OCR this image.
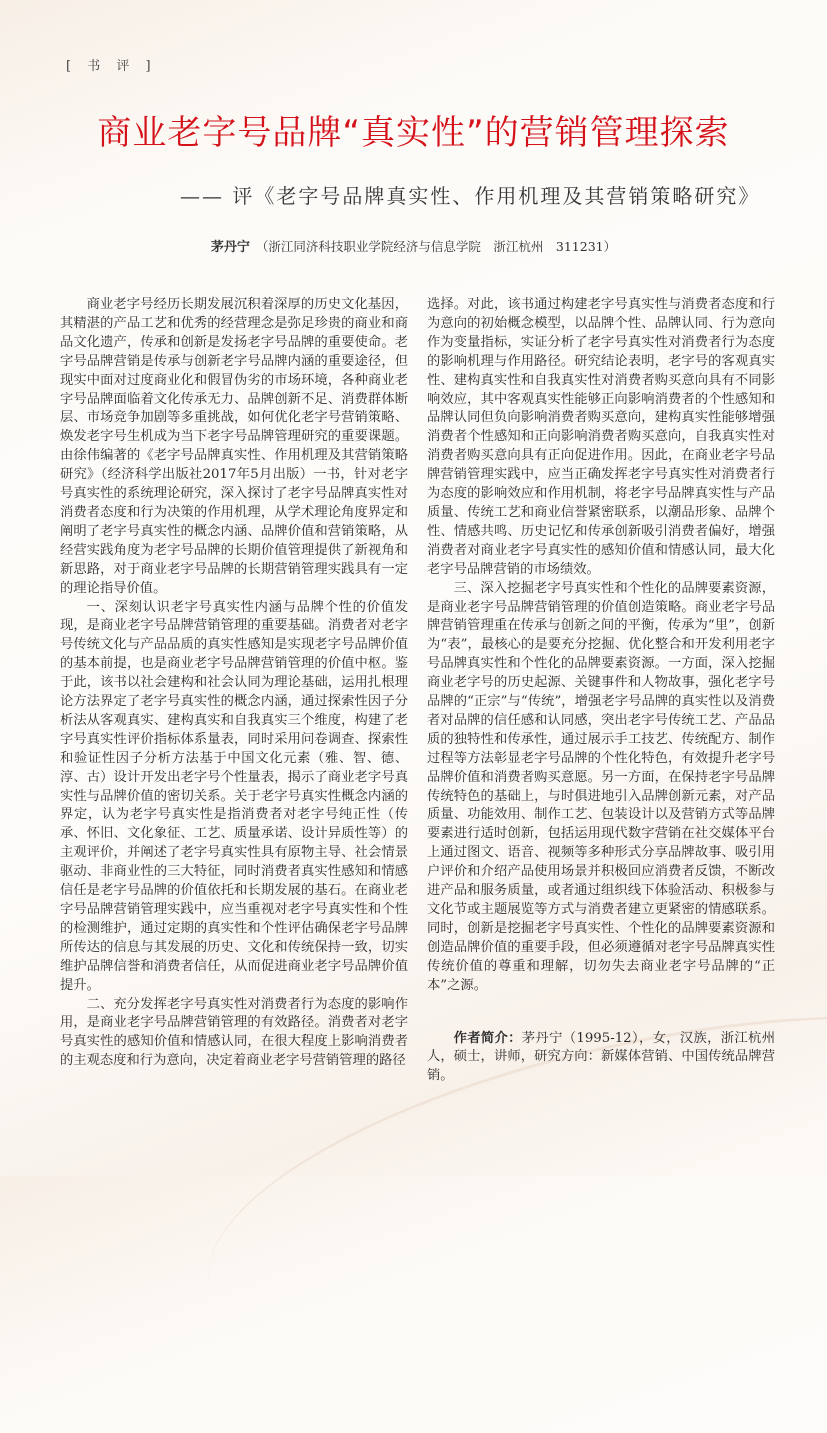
[ 书 评 ]
商业老字号品牌“真实性”的营销管理探索
—— 评《老字号品牌真实性、作用机理及其营销策略研究》
茅丹宁 （浙江同济科技职业学院经济与信息学院　浙江杭州　311231）

商业老字号经历长期发展沉积着深厚的历史文化基因，其精湛的产品工艺和优秀的经营理念是弥足珍贵的商业和商品文化遗产，传承和创新是发扬老字号品牌的重要使命。老字号品牌营销是传承与创新老字号品牌内涵的重要途径，但现实中面对过度商业化和假冒伪劣的市场环境，各种商业老字号品牌面临着文化传承无力、品牌创新不足、消费群体断层、市场竞争加剧等多重挑战，如何优化老字号营销策略、焕发老字号生机成为当下老字号品牌管理研究的重要课题。由徐伟编著的《老字号品牌真实性、作用机理及其营销策略研究》（经济科学出版社2017年5月出版）一书，针对老字号真实性的系统理论研究，深入探讨了老字号品牌真实性对消费者态度和行为决策的作用机理，从学术理论角度界定和阐明了老字号真实性的概念内涵、品牌价值和营销策略，从经营实践角度为老字号品牌的长期价值管理提供了新视角和新思路，对于商业老字号品牌的长期营销管理实践具有一定的理论指导价值。

一、深刻认识老字号真实性内涵与品牌个性的价值发现，是商业老字号品牌营销管理的重要基础。消费者对老字号传统文化与产品品质的真实性感知是实现老字号品牌价值的基本前提，也是商业老字号品牌营销管理的价值中枢。鉴于此，该书以社会建构和社会认同为理论基础，运用扎根理论方法界定了老字号真实性的概念内涵，通过探索性因子分析法从客观真实、建构真实和自我真实三个维度，构建了老字号真实性评价指标体系量表，同时采用问卷调查、探索性和验证性因子分析方法基于中国文化元素（雅、智、德、淳、古）设计开发出老字号个性量表，揭示了商业老字号真实性与品牌价值的密切关系。关于老字号真实性概念内涵的界定，认为老字号真实性是指消费者对老字号纯正性（传承、怀旧、文化象征、工艺、质量承诺、设计异质性等）的主观评价，并阐述了老字号真实性具有原物主导、社会情景驱动、非商业性的三大特征，同时消费者真实性感知和情感信任是老字号品牌的价值依托和长期发展的基石。在商业老字号品牌营销管理实践中，应当重视对老字号真实性和个性的检测维护，通过定期的真实性和个性评估确保老字号品牌所传达的信息与其发展的历史、文化和传统保持一致，切实维护品牌信誉和消费者信任，从而促进商业老字号品牌价值提升。

二、充分发挥老字号真实性对消费者行为态度的影响作用，是商业老字号品牌营销管理的有效路径。消费者对老字号真实性的感知价值和情感认同，在很大程度上影响消费者的主观态度和行为意向，决定着商业老字号营销管理的路径

选择。对此，该书通过构建老字号真实性与消费者态度和行为意向的初始概念模型，以品牌个性、品牌认同、行为意向作为变量指标，实证分析了老字号真实性对消费者行为态度的影响机理与作用路径。研究结论表明，老字号的客观真实性、建构真实性和自我真实性对消费者购买意向具有不同影响效应，其中客观真实性能够正向影响消费者的个性感知和品牌认同但负向影响消费者购买意向，建构真实性能够增强消费者个性感知和正向影响消费者购买意向，自我真实性对消费者购买意向具有正向促进作用。因此，在商业老字号品牌营销管理实践中，应当正确发挥老字号真实性对消费者行为态度的影响效应和作用机制，将老字号品牌真实性与产品质量、传统工艺和商业信誉紧密联系，以潮品形象、品牌个性、情感共鸣、历史记忆和传承创新吸引消费者偏好，增强消费者对商业老字号真实性的感知价值和情感认同，最大化老字号品牌营销的市场绩效。

三、深入挖掘老字号真实性和个性化的品牌要素资源，是商业老字号品牌营销管理的价值创造策略。商业老字号品牌营销管理重在传承与创新之间的平衡，传承为“里”，创新为“表”，最核心的是要充分挖掘、优化整合和开发利用老字号品牌真实性和个性化的品牌要素资源。一方面，深入挖掘商业老字号的历史起源、关键事件和人物故事，强化老字号品牌的“正宗”与“传统”，增强老字号品牌的真实性以及消费者对品牌的信任感和认同感，突出老字号传统工艺、产品品质的独特性和传承性，通过展示手工技艺、传统配方、制作过程等方法彰显老字号品牌的个性化特色，有效提升老字号品牌价值和消费者购买意愿。另一方面，在保持老字号品牌传统特色的基础上，与时俱进地引入品牌创新元素，对产品质量、功能效用、制作工艺、包装设计以及营销方式等品牌要素进行适时创新，包括运用现代数字营销在社交媒体平台上通过图文、语音、视频等多种形式分享品牌故事、吸引用户评价和介绍产品使用场景并积极回应消费者反馈，不断改进产品和服务质量，或者通过组织线下体验活动、积极参与文化节或主题展览等方式与消费者建立更紧密的情感联系。同时，创新是挖掘老字号真实性、个性化的品牌要素资源和创造品牌价值的重要手段，但必须遵循对老字号品牌真实性传统价值的尊重和理解，切勿失去商业老字号品牌的“正本”之源。

作者简介：茅丹宁（1995-12），女，汉族，浙江杭州人，硕士，讲师，研究方向：新媒体营销、中国传统品牌营销。
